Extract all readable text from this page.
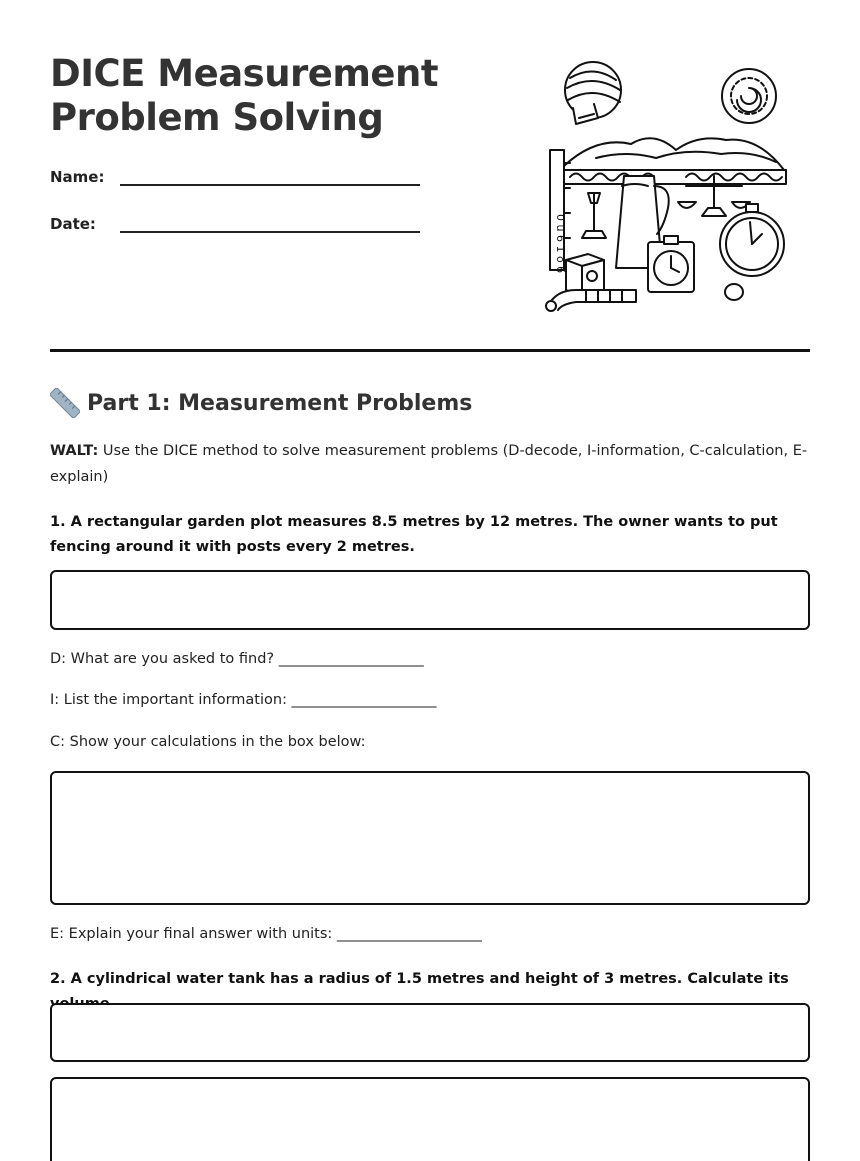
DICE Measurement
Problem Solving
Name:
Date:	0 u 6 1 o 6
Part 1: Measurement Problems

WALT: Use the DICE method to solve measurement problems (D-decode, I-information, C-calculation, E-explain)

1. A rectangular garden plot measures 8.5 metres by 12 metres. The owner wants to put fencing around it with posts every 2 metres.

D: What are you asked to find? ____________________
I: List the important information: ____________________
C: Show your calculations in the box below:
E: Explain your final answer with units: ____________________

2. A cylindrical water tank has a radius of 1.5 metres and height of 3 metres. Calculate its
